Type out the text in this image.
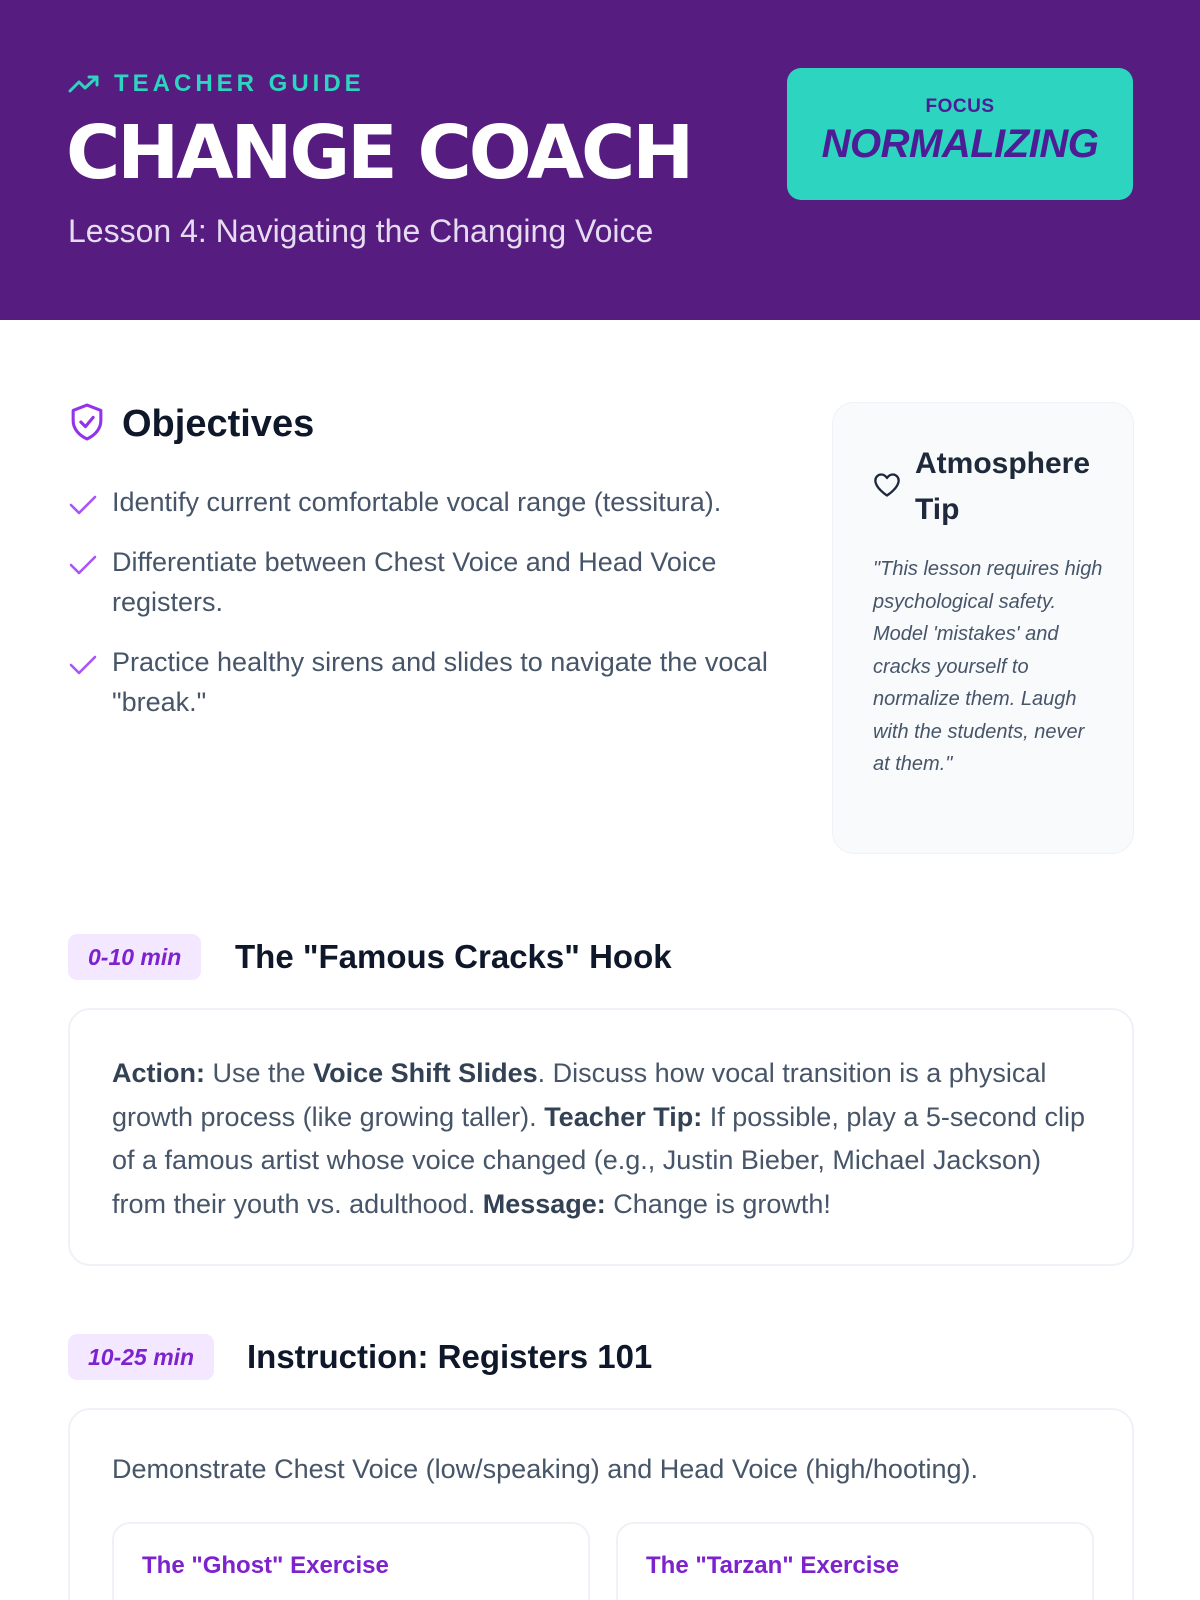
TEACHER GUIDE
CHANGE COACH
Lesson 4: Navigating the Changing Voice
FOCUS
NORMALIZING
Objectives
Identify current comfortable vocal range (tessitura).
Differentiate between Chest Voice and Head Voice registers.
Practice healthy sirens and slides to navigate the vocal "break."
Atmosphere Tip

"This lesson requires high psychological safety. Model 'mistakes' and cracks yourself to normalize them. Laugh with the students, never at them."

0-10 min	The "Famous Cracks" Hook

Action: Use the Voice Shift Slides. Discuss how vocal transition is a physical growth process (like growing taller). Teacher Tip: If possible, play a 5-second clip of a famous artist whose voice changed (e.g., Justin Bieber, Michael Jackson) from their youth vs. adulthood. Message: Change is growth!

10-25 min	Instruction: Registers 101

Demonstrate Chest Voice (low/speaking) and Head Voice (high/hooting).

The "Ghost" Exercise	The "Tarzan" Exercise
